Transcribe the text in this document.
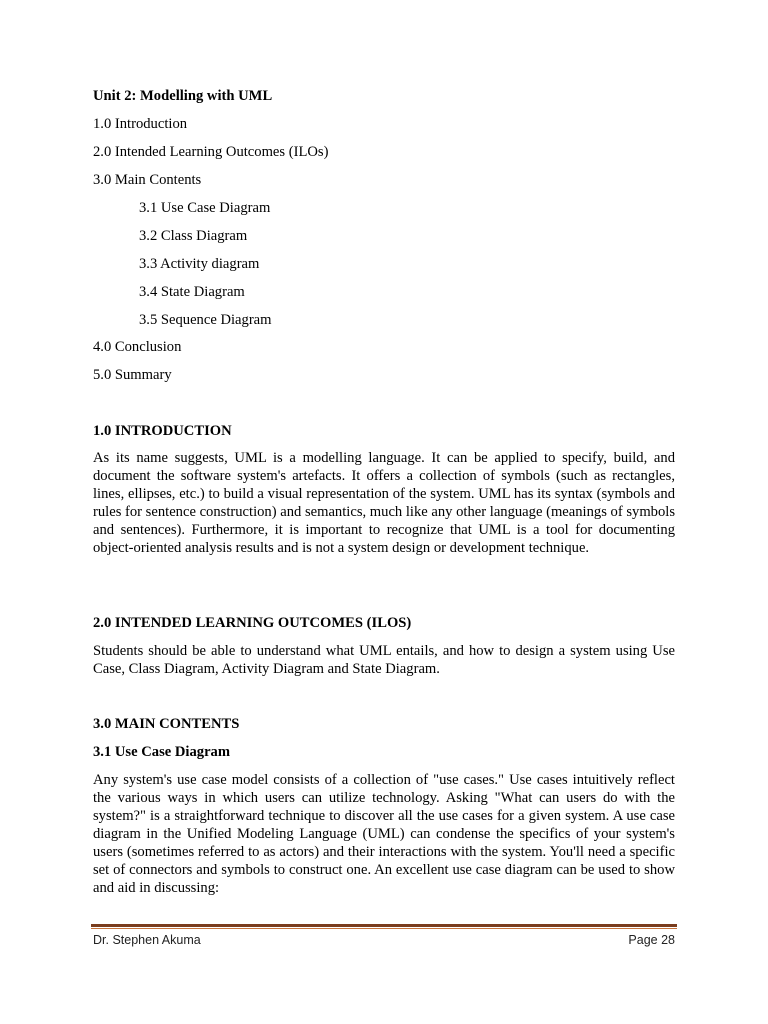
Unit 2: Modelling with UML
1.0 Introduction
2.0 Intended Learning Outcomes (ILOs)
3.0 Main Contents
3.1 Use Case Diagram
3.2 Class Diagram
3.3 Activity diagram
3.4 State Diagram
3.5 Sequence Diagram
4.0 Conclusion
5.0 Summary
1.0 INTRODUCTION
As its name suggests, UML is a modelling language. It can be applied to specify, build, and document the software system's artefacts. It offers a collection of symbols (such as rectangles, lines, ellipses, etc.) to build a visual representation of the system. UML has its syntax (symbols and rules for sentence construction) and semantics, much like any other language (meanings of symbols and sentences). Furthermore, it is important to recognize that UML is a tool for documenting object-oriented analysis results and is not a system design or development technique.
2.0 INTENDED LEARNING OUTCOMES (ILOS)
Students should be able to understand what UML entails, and how to design a system using Use Case, Class Diagram, Activity Diagram and State Diagram.
3.0 MAIN CONTENTS
3.1 Use Case Diagram
Any system's use case model consists of a collection of "use cases." Use cases intuitively reflect the various ways in which users can utilize technology. Asking "What can users do with the system?" is a straightforward technique to discover all the use cases for a given system. A use case diagram in the Unified Modeling Language (UML) can condense the specifics of your system's users (sometimes referred to as actors) and their interactions with the system. You'll need a specific set of connectors and symbols to construct one. An excellent use case diagram can be used to show and aid in discussing:
Dr. Stephen Akuma	Page 28
